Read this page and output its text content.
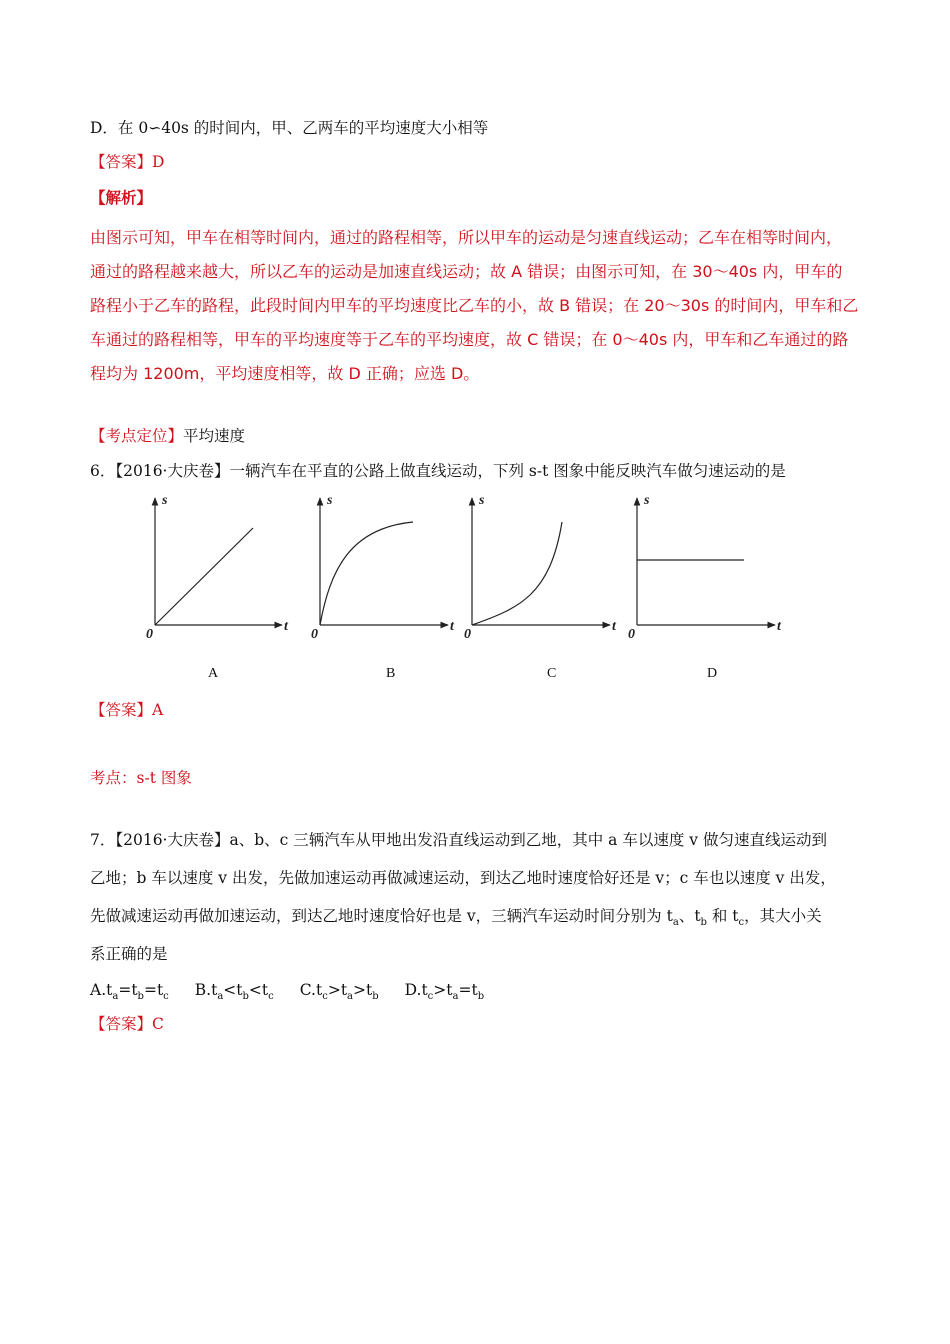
D．在 0∽40s 的时间内，甲、乙两车的平均速度大小相等
【答案】D
【解析】
由图示可知，甲车在相等时间内，通过的路程相等，所以甲车的运动是匀速直线运动；乙车在相等时间内，
通过的路程越来越大，所以乙车的运动是加速直线运动；故 A 错误；由图示可知，在 30～40s 内，甲车的
路程小于乙车的路程，此段时间内甲车的平均速度比乙车的小，故 B 错误；在 20～30s 的时间内，甲车和乙
车通过的路程相等，甲车的平均速度等于乙车的平均速度，故 C 错误；在 0～40s 内，甲车和乙车通过的路
程均为 1200m，平均速度相等，故 D 正确；应选 D。
【考点定位】平均速度
6．【2016·大庆卷】一辆汽车在平直的公路上做直线运动，下列 s-t 图象中能反映汽车做匀速运动的是
s
t
0
s
t
0
s
t
0
s
t
0
A	B	C	D
【答案】A
考点：s-t 图象
7．【2016·大庆卷】a、b、c 三辆汽车从甲地出发沿直线运动到乙地，其中 a 车以速度 v 做匀速直线运动到
乙地；b 车以速度 v 出发，先做加速运动再做减速运动，到达乙地时速度恰好还是 v；c 车也以速度 v 出发，
先做减速运动再做加速运动，到达乙地时速度恰好也是 v，三辆汽车运动时间分别为 $t_a$、$t_b$ 和 $t_c$，其大小关
系正确的是
$A.t_a=t_b=t_c$ $B.t_a<t_b<t_c$ $C.t_c>t_a>t_b$ $D.t_c>t_a=t_b$
【答案】C
